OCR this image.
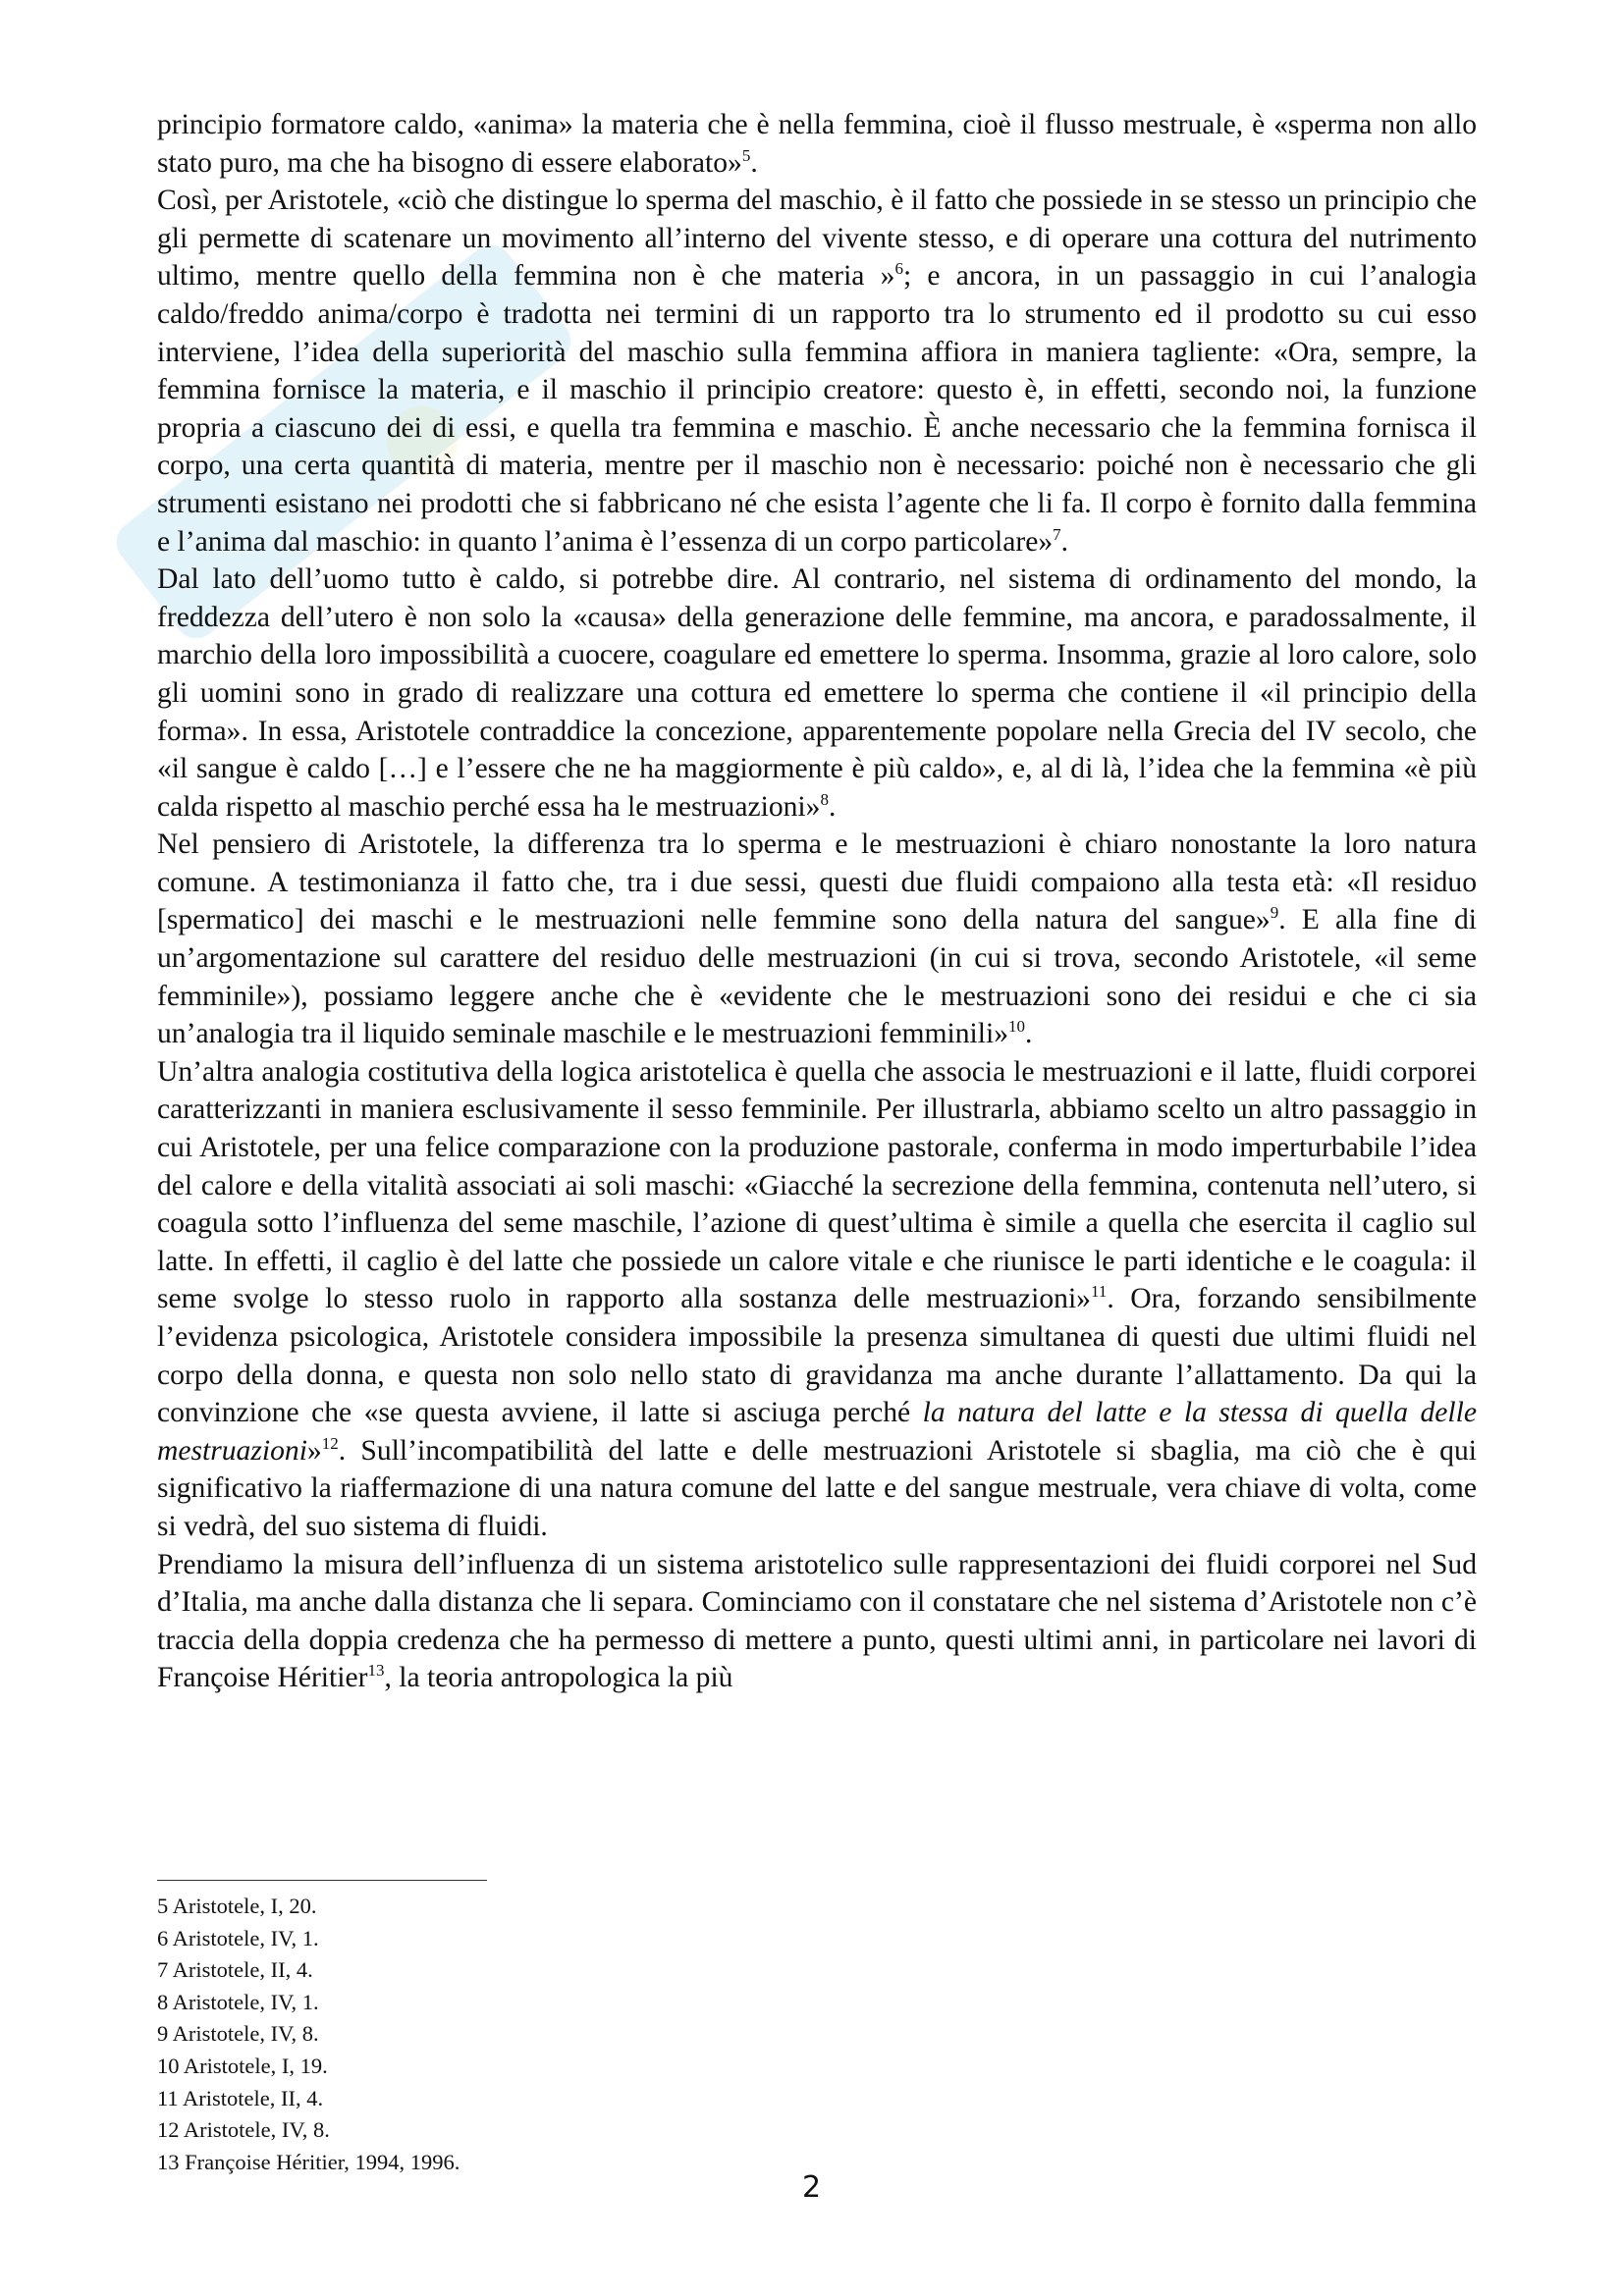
principio formatore caldo, «anima» la materia che è nella femmina, cioè il flusso mestruale, è «sperma non allo stato puro, ma che ha bisogno di essere elaborato»$^5$.

Così, per Aristotele, «ciò che distingue lo sperma del maschio, è il fatto che possiede in se stesso un principio che gli permette di scatenare un movimento all’interno del vivente stesso, e di operare una cottura del nutrimento ultimo, mentre quello della femmina non è che materia »$^6$; e ancora, in un passaggio in cui l’analogia caldo/freddo anima/corpo è tradotta nei termini di un rapporto tra lo strumento ed il prodotto su cui esso interviene, l’idea della superiorità del maschio sulla femmina affiora in maniera tagliente: «Ora, sempre, la femmina fornisce la materia, e il maschio il principio creatore: questo è, in effetti, secondo noi, la funzione propria a ciascuno dei di essi, e quella tra femmina e maschio. È anche necessario che la femmina fornisca il corpo, una certa quantità di materia, mentre per il maschio non è necessario: poiché non è necessario che gli strumenti esistano nei prodotti che si fabbricano né che esista l’agente che li fa. Il corpo è fornito dalla femmina e l’anima dal maschio: in quanto l’anima è l’essenza di un corpo particolare»$^7$.

Dal lato dell’uomo tutto è caldo, si potrebbe dire. Al contrario, nel sistema di ordinamento del mondo, la freddezza dell’utero è non solo la «causa» della generazione delle femmine, ma ancora, e paradossalmente, il marchio della loro impossibilità a cuocere, coagulare ed emettere lo sperma. Insomma, grazie al loro calore, solo gli uomini sono in grado di realizzare una cottura ed emettere lo sperma che contiene il «il principio della forma». In essa, Aristotele contraddice la concezione, apparentemente popolare nella Grecia del IV secolo, che «il sangue è caldo […] e l’essere che ne ha maggiormente è più caldo», e, al di là, l’idea che la femmina «è più calda rispetto al maschio perché essa ha le mestruazioni»$^8$.

Nel pensiero di Aristotele, la differenza tra lo sperma e le mestruazioni è chiaro nonostante la loro natura comune. A testimonianza il fatto che, tra i due sessi, questi due fluidi compaiono alla testa età: «Il residuo [spermatico] dei maschi e le mestruazioni nelle femmine sono della natura del sangue»$^9$. E alla fine di un’argomentazione sul carattere del residuo delle mestruazioni (in cui si trova, secondo Aristotele, «il seme femminile»), possiamo leggere anche che è «evidente che le mestruazioni sono dei residui e che ci sia un’analogia tra il liquido seminale maschile e le mestruazioni femminili»$^{10}$.

Un’altra analogia costitutiva della logica aristotelica è quella che associa le mestruazioni e il latte, fluidi corporei caratterizzanti in maniera esclusivamente il sesso femminile. Per illustrarla, abbiamo scelto un altro passaggio in cui Aristotele, per una felice comparazione con la produzione pastorale, conferma in modo imperturbabile l’idea del calore e della vitalità associati ai soli maschi: «Giacché la secrezione della femmina, contenuta nell’utero, si coagula sotto l’influenza del seme maschile, l’azione di quest’ultima è simile a quella che esercita il caglio sul latte. In effetti, il caglio è del latte che possiede un calore vitale e che riunisce le parti identiche e le coagula: il seme svolge lo stesso ruolo in rapporto alla sostanza delle mestruazioni»$^{11}$. Ora, forzando sensibilmente l’evidenza psicologica, Aristotele considera impossibile la presenza simultanea di questi due ultimi fluidi nel corpo della donna, e questa non solo nello stato di gravidanza ma anche durante l’allattamento. Da qui la convinzione che «se questa avviene, il latte si asciuga perché la natura del latte e la stessa di quella delle mestruazioni»$^{12}$. Sull’incompatibilità del latte e delle mestruazioni Aristotele si sbaglia, ma ciò che è qui significativo la riaffermazione di una natura comune del latte e del sangue mestruale, vera chiave di volta, come si vedrà, del suo sistema di fluidi.

Prendiamo la misura dell’influenza di un sistema aristotelico sulle rappresentazioni dei fluidi corporei nel Sud d’Italia, ma anche dalla distanza che li separa. Cominciamo con il constatare che nel sistema d’Aristotele non c’è traccia della doppia credenza che ha permesso di mettere a punto, questi ultimi anni, in particolare nei lavori di Françoise Héritier$^{13}$, la teoria antropologica la più

5 Aristotele, I, 20.
6 Aristotele, IV, 1.
7 Aristotele, II, 4.
8 Aristotele, IV, 1.
9 Aristotele, IV, 8.
10 Aristotele, I, 19.
11 Aristotele, II, 4.
12 Aristotele, IV, 8.
13 Françoise Héritier, 1994, 1996.
2
